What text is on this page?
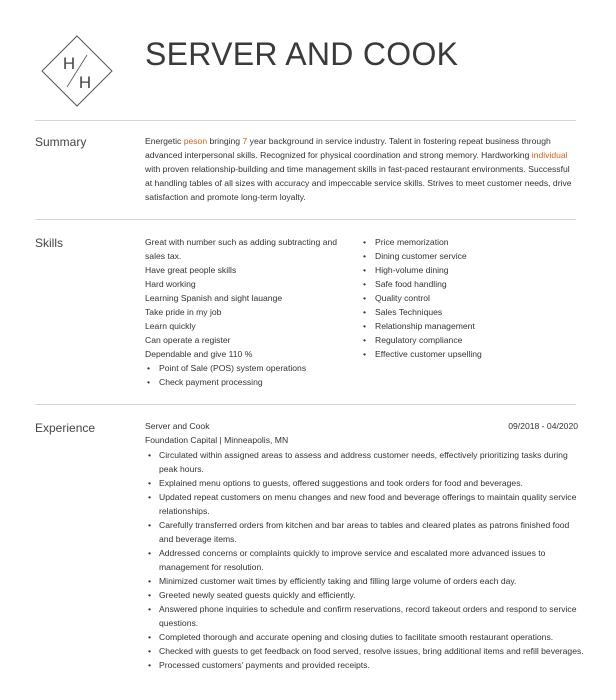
H
H
SERVER AND COOK
Summary	Energetic peson bringing 7 year background in service industry. Talent in fostering repeat business through advanced interpersonal skills. Recognized for physical coordination and strong memory. Hardworking individual with proven relationship-building and time management skills in fast-paced restaurant environments. Successful at handling tables of all sizes with accuracy and impeccable service skills. Strives to meet customer needs, drive satisfaction and promote long-term loyalty.
Skills	Great with number such as adding subtracting and
sales tax.
Have great people skills
Hard working
Learning Spanish and sight lauange
Take pride in my job
Learn quickly
Can operate a register
Dependable and give 110 %
• Point of Sale (POS) system operations
• Check payment processing
• Price memorization
• Dining customer service
• High-volume dining
• Safe food handling
• Quality control
• Sales Techniques
• Relationship management
• Regulatory compliance
• Effective customer upselling
Experience	Server and Cook	09/2018 - 04/2020
Foundation Capital | Minneapolis, MN
• Circulated within assigned areas to assess and address customer needs, effectively prioritizing tasks during peak hours.
• Explained menu options to guests, offered suggestions and took orders for food and beverages.
• Updated repeat customers on menu changes and new food and beverage offerings to maintain quality service relationships.
• Carefully transferred orders from kitchen and bar areas to tables and cleared plates as patrons finished food and beverage items.
• Addressed concerns or complaints quickly to improve service and escalated more advanced issues to management for resolution.
• Minimized customer wait times by efficiently taking and filling large volume of orders each day.
• Greeted newly seated guests quickly and efficiently.
• Answered phone inquiries to schedule and confirm reservations, record takeout orders and respond to service questions.
• Completed thorough and accurate opening and closing duties to facilitate smooth restaurant operations.
• Checked with guests to get feedback on food served, resolve issues, bring additional items and refill beverages.
• Processed customers' payments and provided receipts.
